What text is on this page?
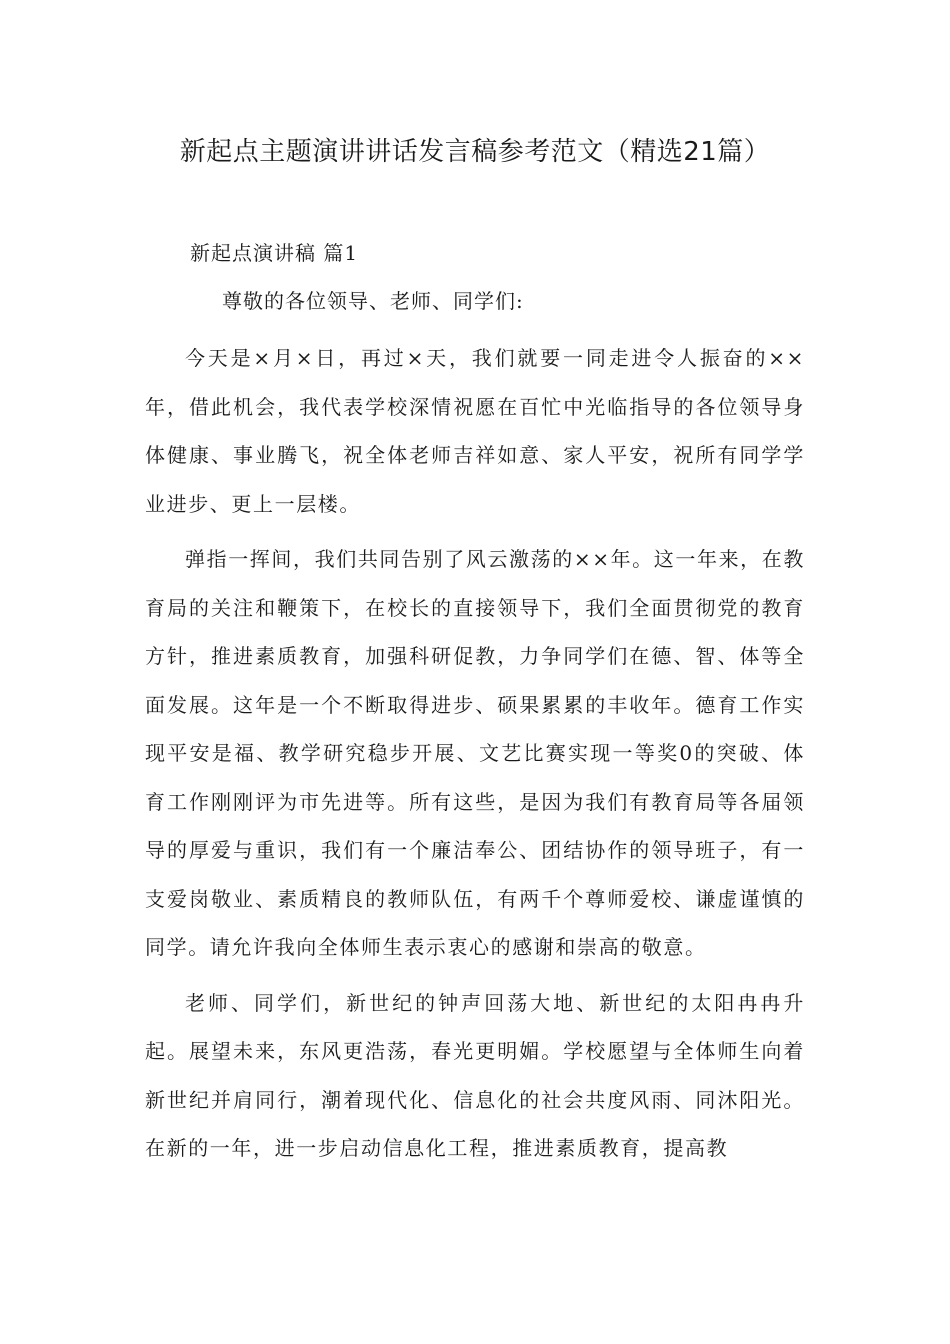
新起点主题演讲讲话发言稿参考范文（精选21篇）
新起点演讲稿 篇1
尊敬的各位领导、老师、同学们:

今天是×月×日，再过×天，我们就要一同走进令人振奋的××年，借此机会，我代表学校深情祝愿在百忙中光临指导的各位领导身体健康、事业腾飞，祝全体老师吉祥如意、家人平安，祝所有同学学业进步、更上一层楼。

弹指一挥间，我们共同告别了风云激荡的××年。这一年来，在教育局的关注和鞭策下，在校长的直接领导下，我们全面贯彻党的教育方针，推进素质教育，加强科研促教，力争同学们在德、智、体等全面发展。这年是一个不断取得进步、硕果累累的丰收年。德育工作实现平安是福、教学研究稳步开展、文艺比赛实现一等奖0的突破、体育工作刚刚评为市先进等。所有这些，是因为我们有教育局等各届领导的厚爱与重识，我们有一个廉洁奉公、团结协作的领导班子，有一支爱岗敬业、素质精良的教师队伍，有两千个尊师爱校、谦虚谨慎的同学。请允许我向全体师生表示衷心的感谢和崇高的敬意。

老师、同学们，新世纪的钟声回荡大地、新世纪的太阳冉冉升起。展望未来，东风更浩荡，春光更明媚。学校愿望与全体师生向着新世纪并肩同行，潮着现代化、信息化的社会共度风雨、同沐阳光。在新的一年，进一步启动信息化工程，推进素质教育，提高教
